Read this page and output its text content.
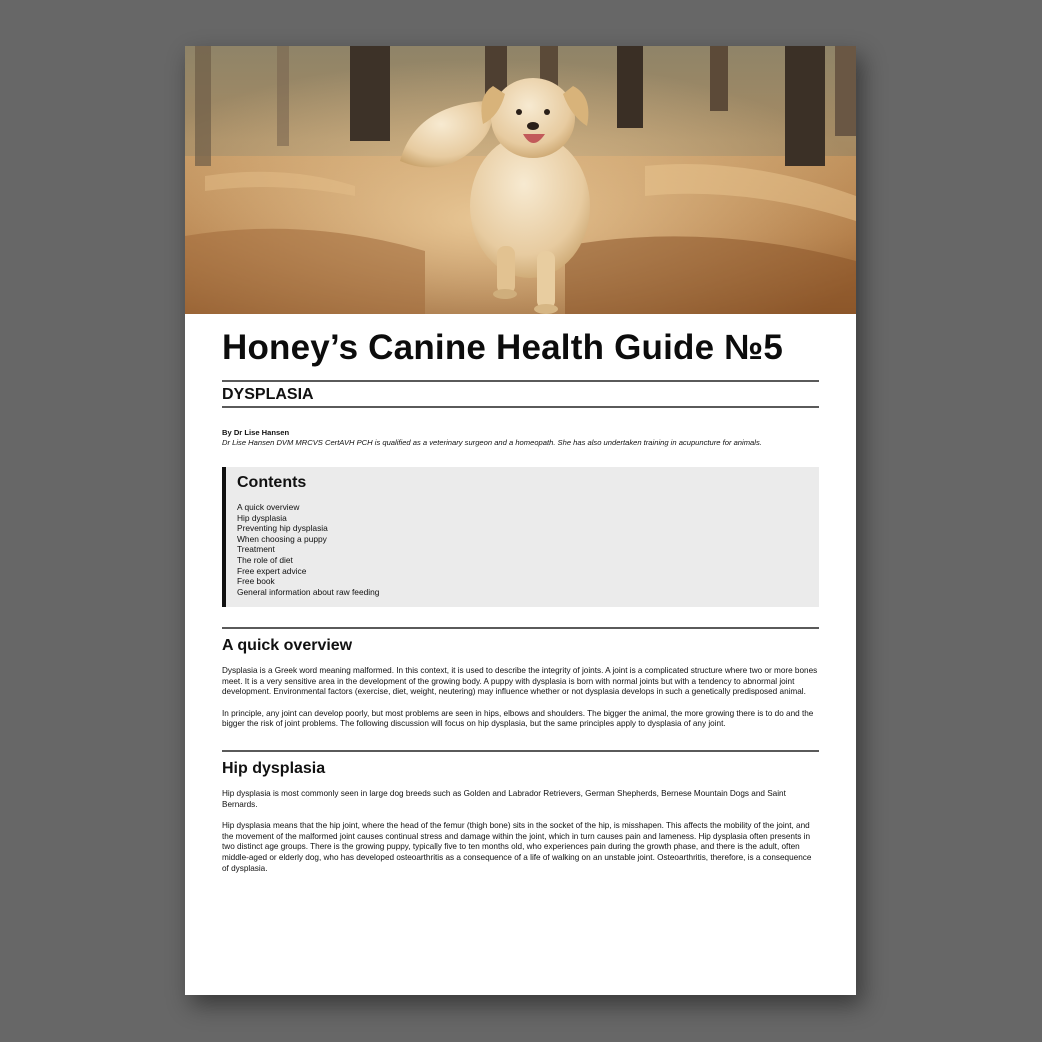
Honey’s Canine Health Guide №5
DYSPLASIA
By Dr Lise Hansen
Dr Lise Hansen DVM MRCVS CertAVH PCH is qualified as a veterinary surgeon and a homeopath. She has also undertaken training in acupuncture for animals.
Contents
A quick overview
Hip dysplasia
Preventing hip dysplasia
When choosing a puppy
Treatment
The role of diet
Free expert advice
Free book
General information about raw feeding
A quick overview

Dysplasia is a Greek word meaning malformed. In this context, it is used to describe the integrity of joints. A joint is a complicated structure where two or more bones meet. It is a very sensitive area in the development of the growing body. A puppy with dysplasia is born with normal joints but with a tendency to abnormal joint development. Environmental factors (exercise, diet, weight, neutering) may influence whether or not dysplasia develops in such a genetically predisposed animal.

In principle, any joint can develop poorly, but most problems are seen in hips, elbows and shoulders. The bigger the animal, the more growing there is to do and the bigger the risk of joint problems. The following discussion will focus on hip dysplasia, but the same principles apply to dysplasia of any joint.

Hip dysplasia

Hip dysplasia is most commonly seen in large dog breeds such as Golden and Labrador Retrievers, German Shepherds, Bernese Mountain Dogs and Saint Bernards.

Hip dysplasia means that the hip joint, where the head of the femur (thigh bone) sits in the socket of the hip, is misshapen. This affects the mobility of the joint, and the movement of the malformed joint causes continual stress and damage within the joint, which in turn causes pain and lameness. Hip dysplasia often presents in two distinct age groups. There is the growing puppy, typically five to ten months old, who experiences pain during the growth phase, and there is the adult, often middle-aged or elderly dog, who has developed osteoarthritis as a consequence of a life of walking on an unstable joint. Osteoarthritis, therefore, is a consequence of dysplasia.
